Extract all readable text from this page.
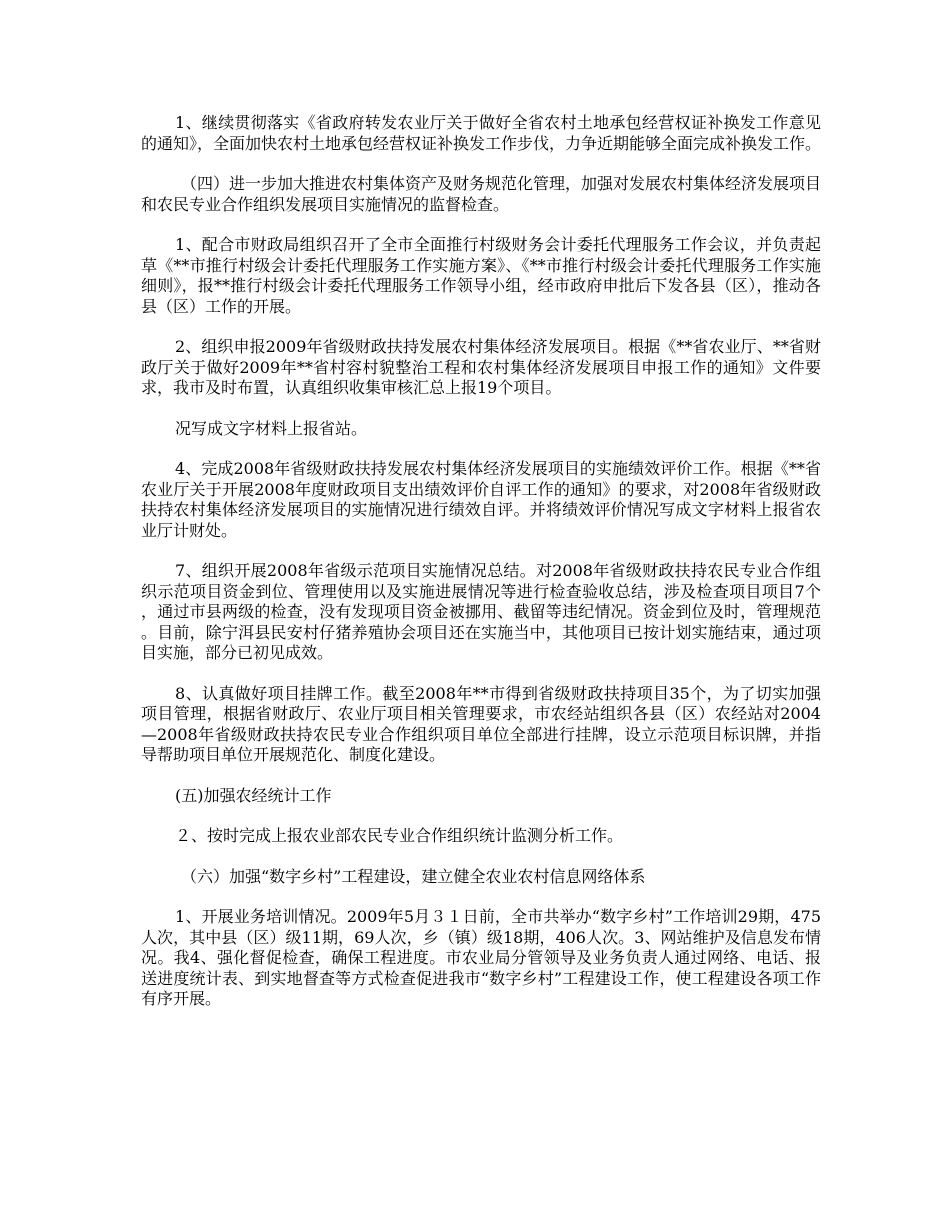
1、继续贯彻落实《省政府转发农业厅关于做好全省农村土地承包经营权证补换发工作意见的通知》，全面加快农村土地承包经营权证补换发工作步伐，力争近期能够全面完成补换发工作。

（四）进一步加大推进农村集体资产及财务规范化管理，加强对发展农村集体经济发展项目和农民专业合作组织发展项目实施情况的监督检查。

1、配合市财政局组织召开了全市全面推行村级财务会计委托代理服务工作会议，并负责起草《**市推行村级会计委托代理服务工作实施方案》、《**市推行村级会计委托代理服务工作实施细则》，报**推行村级会计委托代理服务工作领导小组，经市政府申批后下发各县（区），推动各县（区）工作的开展。

2、组织申报2009年省级财政扶持发展农村集体经济发展项目。根据《**省农业厅、**省财政厅关于做好2009年**省村容村貌整治工程和农村集体经济发展项目申报工作的通知》文件要求，我市及时布置，认真组织收集审核汇总上报19个项目。

况写成文字材料上报省站。

4、完成2008年省级财政扶持发展农村集体经济发展项目的实施绩效评价工作。根据《**省农业厅关于开展2008年度财政项目支出绩效评价自评工作的通知》的要求，对2008年省级财政扶持农村集体经济发展项目的实施情况进行绩效自评。并将绩效评价情况写成文字材料上报省农业厅计财处。

7、组织开展2008年省级示范项目实施情况总结。对2008年省级财政扶持农民专业合作组织示范项目资金到位、管理使用以及实施进展情况等进行检查验收总结，涉及检查项目项目7个，通过市县两级的检查，没有发现项目资金被挪用、截留等违纪情况。资金到位及时，管理规范。目前，除宁洱县民安村仔猪养殖协会项目还在实施当中，其他项目已按计划实施结束，通过项目实施，部分已初见成效。

8、认真做好项目挂牌工作。截至2008年**市得到省级财政扶持项目35个，为了切实加强项目管理，根据省财政厅、农业厅项目相关管理要求，市农经站组织各县（区）农经站对2004—2008年省级财政扶持农民专业合作组织项目单位全部进行挂牌，设立示范项目标识牌，并指导帮助项目单位开展规范化、制度化建设。

(五)加强农经统计工作

２、按时完成上报农业部农民专业合作组织统计监测分析工作。

（六）加强“数字乡村”工程建设，建立健全农业农村信息网络体系

1、开展业务培训情况。2009年5月３１日前，全市共举办“数字乡村”工作培训29期，475人次，其中县（区）级11期，69人次，乡（镇）级18期，406人次。3、网站维护及信息发布情况。我4、强化督促检查，确保工程进度。市农业局分管领导及业务负责人通过网络、电话、报送进度统计表、到实地督查等方式检查促进我市“数字乡村”工程建设工作，使工程建设各项工作有序开展。
